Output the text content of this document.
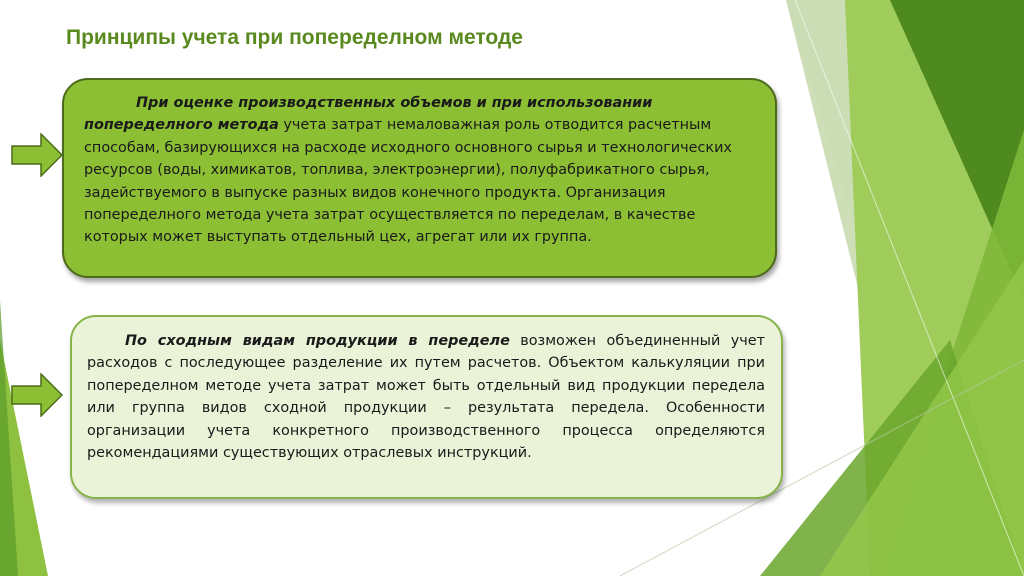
Принципы учета при попеределном методе
При оценке производственных объемов и при использовании попеределного метода учета затрат немаловажная роль отводится расчетным способам, базирующихся на расходе исходного основного сырья и технологических ресурсов (воды, химикатов, топлива, электроэнергии), полуфабрикатного сырья, задействуемого в выпуске разных видов конечного продукта. Организация попеределного метода учета затрат осуществляется по переделам, в качестве которых может выступать отдельный цех, агрегат или их группа.
По сходным видам продукции в переделе возможен объединенный учет расходов с последующее разделение их путем расчетов. Объектом калькуляции при попеределном методе учета затрат может быть отдельный вид продукции передела или группа видов сходной продукции – результата передела. Особенности организации учета конкретного производственного процесса определяются рекомендациями существующих отраслевых инструкций.
